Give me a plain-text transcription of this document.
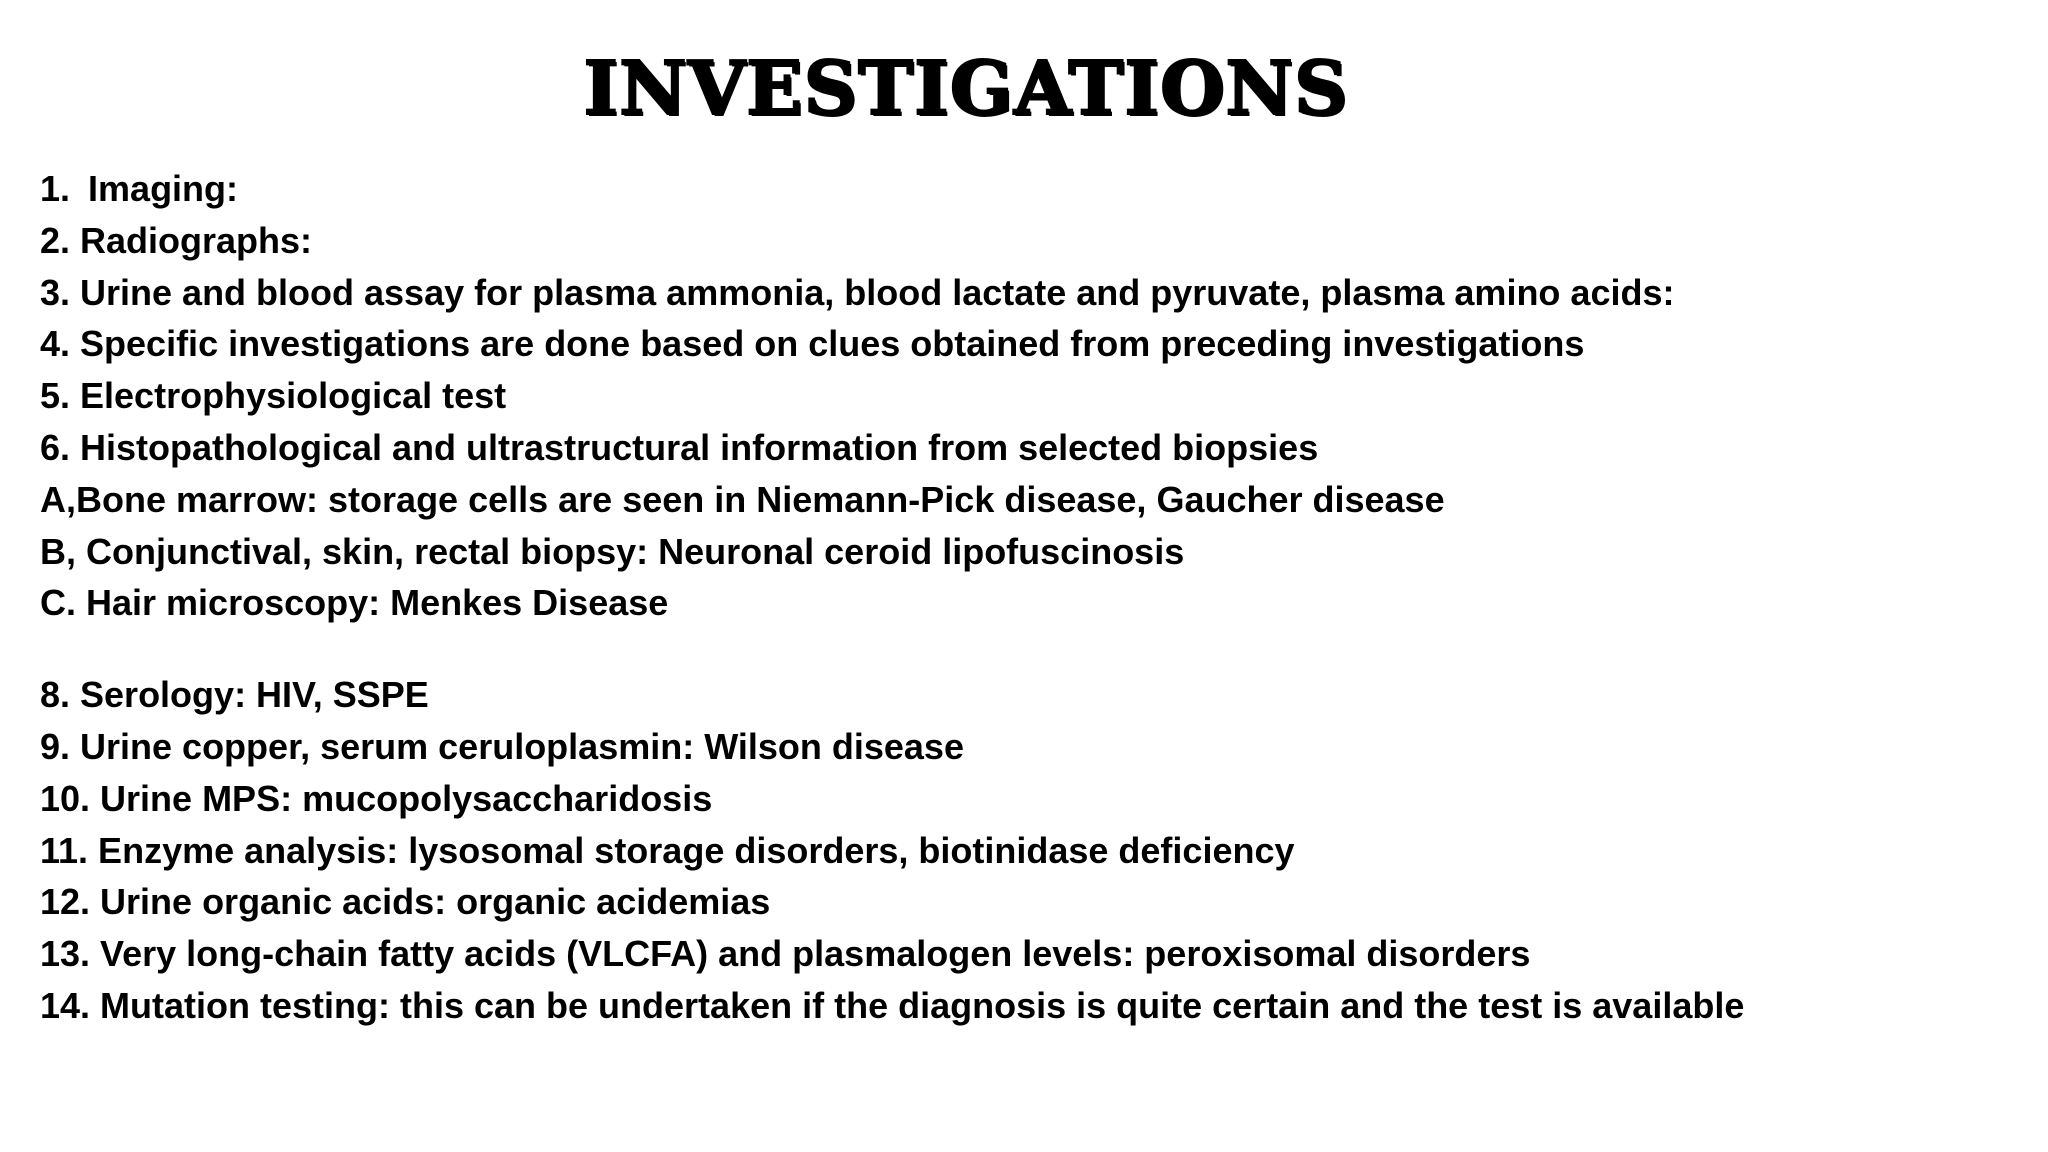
INVESTIGATIONS

1. Imaging:

2. Radiographs:

3. Urine and blood assay for plasma ammonia, blood lactate and pyruvate, plasma amino acids:

4. Specific investigations are done based on clues obtained from preceding investigations

5. Electrophysiological test

6. Histopathological and ultrastructural information from selected biopsies

A,Bone marrow: storage cells are seen in Niemann-Pick disease, Gaucher disease

B, Conjunctival, skin, rectal biopsy: Neuronal ceroid lipofuscinosis

C. Hair microscopy: Menkes Disease

8. Serology: HIV, SSPE

9. Urine copper, serum ceruloplasmin: Wilson disease

10. Urine MPS: mucopolysaccharidosis

11. Enzyme analysis: lysosomal storage disorders, biotinidase deficiency

12. Urine organic acids: organic acidemias

13. Very long-chain fatty acids (VLCFA) and plasmalogen levels: peroxisomal disorders

14. Mutation testing: this can be undertaken if the diagnosis is quite certain and the test is available
